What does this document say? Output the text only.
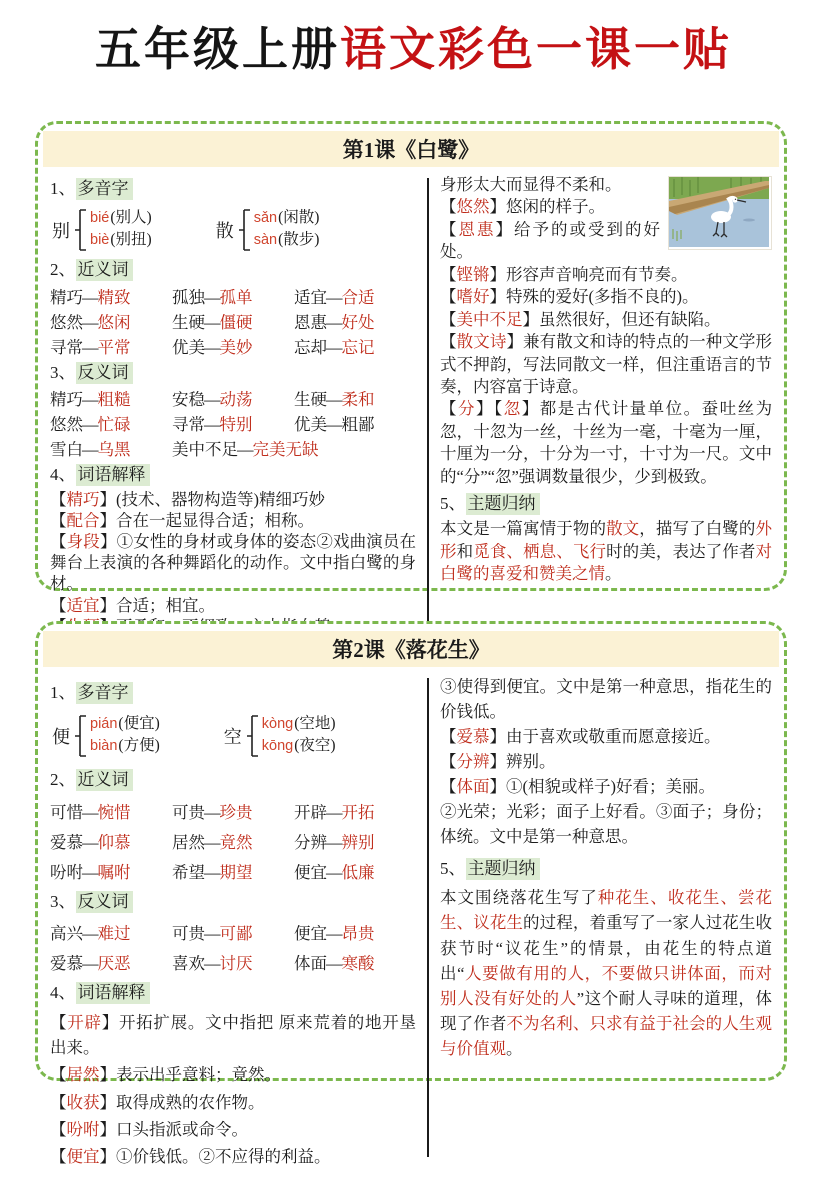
五年级上册语文彩色一课一贴
第1课《白鹭》
1、 多音字
别
bié(别人)
biè(别扭)	散
sǎn(闲散)
sàn(散步)
2、 近义词
精巧—精致	孤独—孤单	适宜—合适
悠然—悠闲	生硬—僵硬	恩惠—好处
寻常—平常	优美—美妙	忘却—忘记
3、 反义词
精巧—粗糙	安稳—动荡	生硬—柔和
悠然—忙碌	寻常—特别	优美—粗鄙
雪白—乌黑	美中不足—完美无缺
4、 词语解释
【精巧】(技术、器物构造等)精细巧妙
【配合】合在一起显得合适；相称。
【身段】①女性的身材或身体的姿态②戏曲演员在舞台上表演的各种舞蹈化的动作。文中指白鹭的身材。
【适宜】合适；相宜。
身形太大而显得不柔和。
【悠然】悠闲的样子。
【恩惠】给予的或受到的好处。
【铿锵】形容声音响亮而有节奏。
【嗜好】特殊的爱好(多指不良的)。
【美中不足】虽然很好，但还有缺陷。
【散文诗】兼有散文和诗的特点的一种文学形式不押韵，写法同散文一样，但注重语言的节奏，内容富于诗意。
【分】【忽】都是古代计量单位。蚕吐丝为忽，十忽为一丝，十丝为一毫，十毫为一厘，十厘为一分，十分为一寸，十寸为一尺。文中的“分”“忽”强调数量很少，少到极致。
5、 主题归纳
本文是一篇寓情于物的散文，描写了白鹭的外形和觅食、栖息、飞行时的美，表达了作者对白鹭的喜爱和赞美之情。
第2课《落花生》
1、 多音字
便
pián(便宜)
biàn(方便)	空
kòng(空地)
kōng(夜空)
2、 近义词
可惜—惋惜	可贵—珍贵	开辟—开拓
爱慕—仰慕	居然—竟然	分辨—辨别
吩咐—嘱咐	希望—期望	便宜—低廉
3、 反义词
高兴—难过	可贵—可鄙	便宜—昂贵
爱慕—厌恶	喜欢—讨厌	体面—寒酸
4、 词语解释
【开辟】开拓扩展。文中指把 原来荒着的地开垦出来。
【居然】表示出乎意料；竟然。
【收获】取得成熟的农作物。
【吩咐】口头指派或命令。
【便宜】①价钱低。②不应得的利益。
③使得到便宜。文中是第一种意思，指花生的价钱低。
【爱慕】由于喜欢或敬重而愿意接近。
【分辨】辨别。
【体面】①(相貌或样子)好看；美丽。
②光荣；光彩；面子上好看。③面子；身份；体统。文中是第一种意思。
5、 主题归纳
本文围绕落花生写了种花生、收花生、尝花生、议花生的过程，着重写了一家人过花生收获节时“议花生”的情景，由花生的特点道出“人要做有用的人，不要做只讲体面，而对别人没有好处的人”这个耐人寻味的道理，体现了作者不为名利、只求有益于社会的人生观与价值观。
